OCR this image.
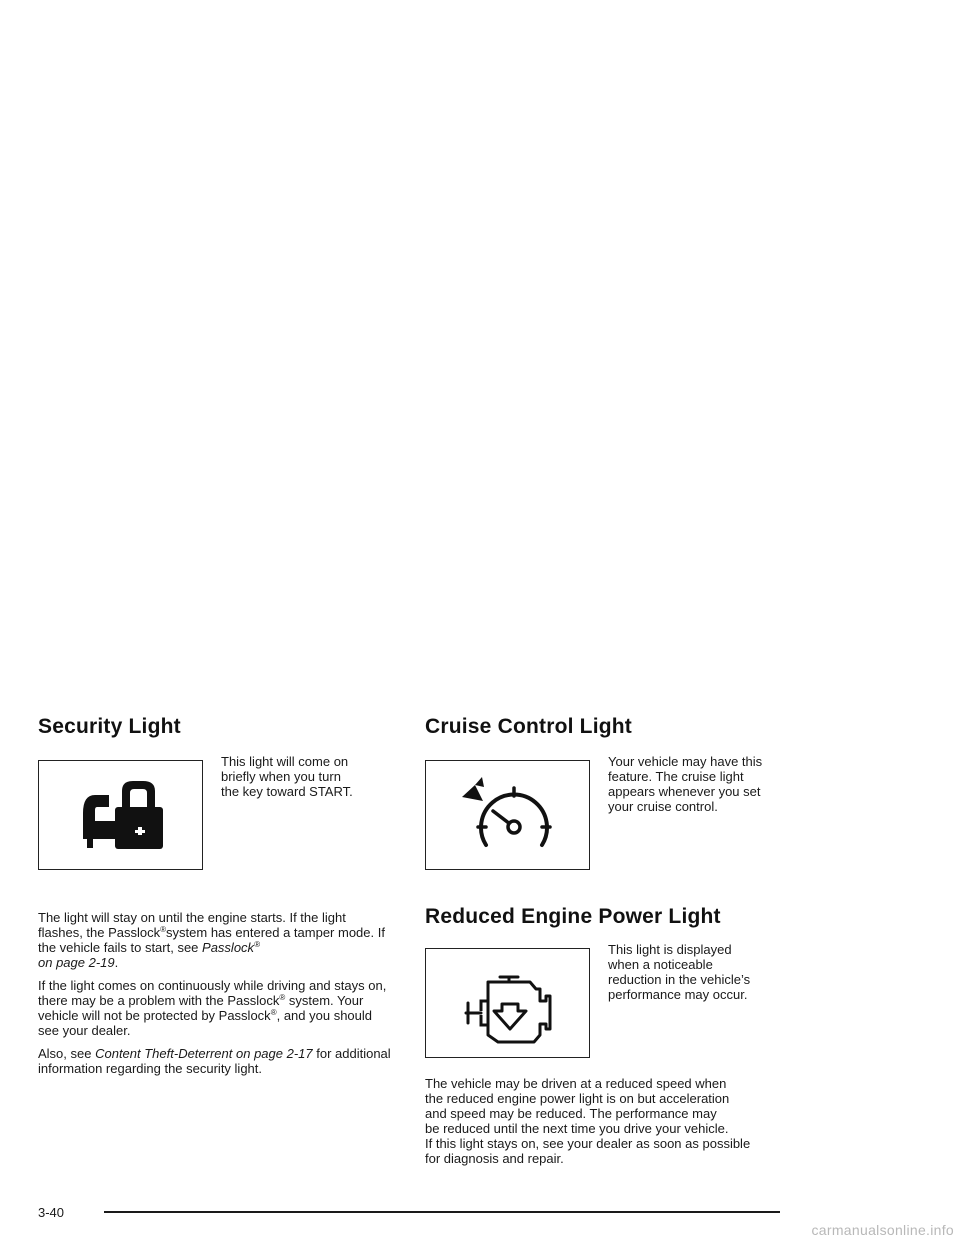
Security Light

This light will come on
briefly when you turn
the key toward START.

The light will stay on until the engine starts. If the light flashes, the Passlock®system has entered a tamper mode. If the vehicle fails to start, see Passlock®
on page 2-19.

If the light comes on continuously while driving and stays on, there may be a problem with the Passlock® system. Your vehicle will not be protected by Passlock®, and you should see your dealer.

Also, see Content Theft-Deterrent on page 2-17 for additional information regarding the security light.

Cruise Control Light

Your vehicle may have this
feature. The cruise light
appears whenever you set
your cruise control.

Reduced Engine Power Light

This light is displayed
when a noticeable
reduction in the vehicle’s
performance may occur.

The vehicle may be driven at a reduced speed when
the reduced engine power light is on but acceleration
and speed may be reduced. The performance may
be reduced until the next time you drive your vehicle.
If this light stays on, see your dealer as soon as possible
for diagnosis and repair.

3-40
carmanualsonline.info
